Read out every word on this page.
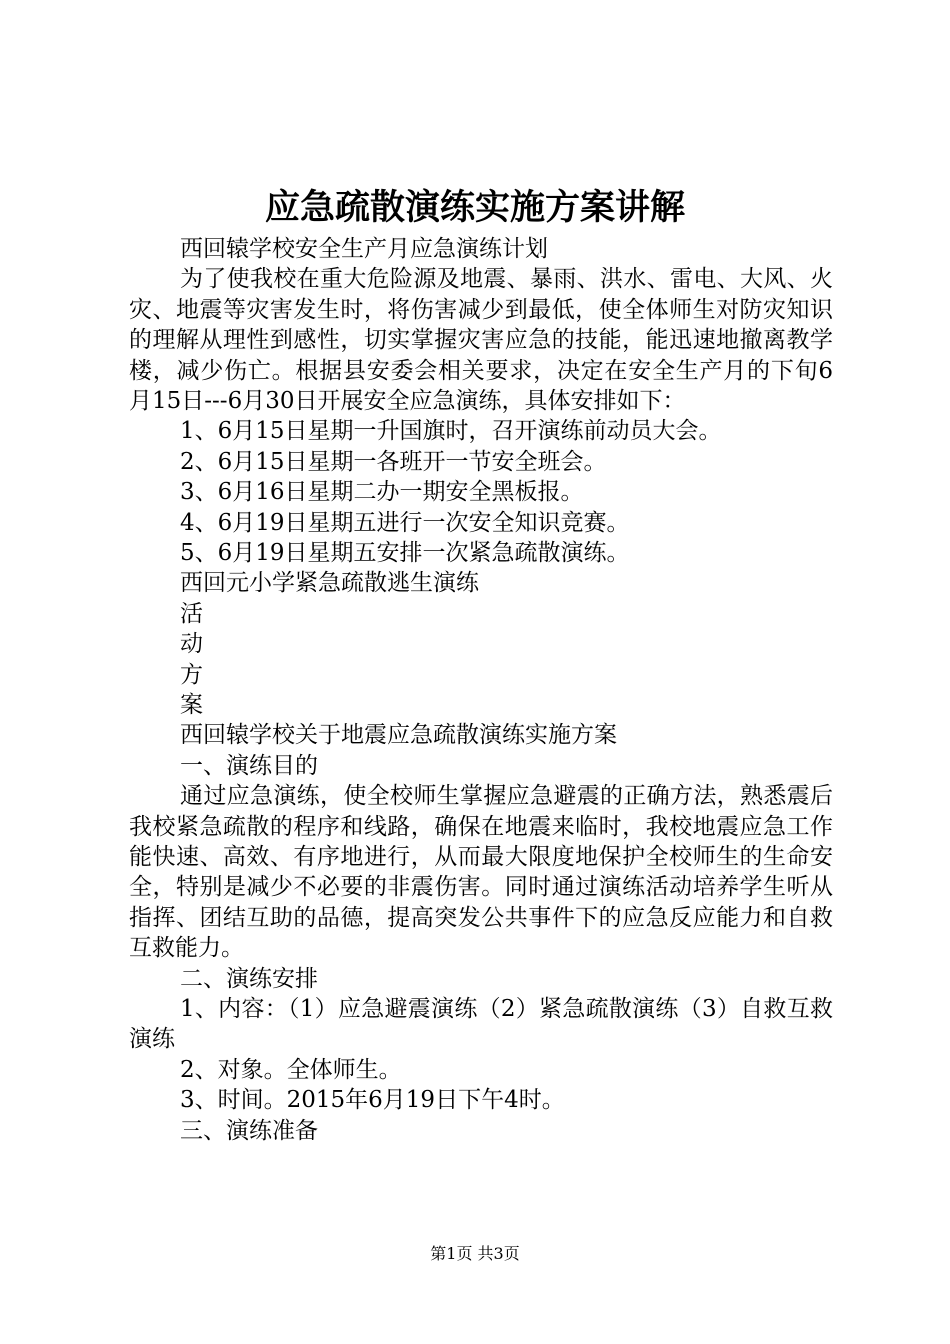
应急疏散演练实施方案讲解
西回辕学校安全生产月应急演练计划
为了使我校在重大危险源及地震、暴雨、洪水、雷电、大风、火灾、地震等灾害发生时，将伤害减少到最低，使全体师生对防灾知识的理解从理性到感性，切实掌握灾害应急的技能，能迅速地撤离教学楼，减少伤亡。根据县安委会相关要求，决定在安全生产月的下旬6月15日---6月30日开展安全应急演练，具体安排如下：
1、6月15日星期一升国旗时，召开演练前动员大会。
2、6月15日星期一各班开一节安全班会。
3、6月16日星期二办一期安全黑板报。
4、6月19日星期五进行一次安全知识竞赛。
5、6月19日星期五安排一次紧急疏散演练。
西回元小学紧急疏散逃生演练
活
动
方
案
西回辕学校关于地震应急疏散演练实施方案
一、演练目的
通过应急演练，使全校师生掌握应急避震的正确方法，熟悉震后我校紧急疏散的程序和线路，确保在地震来临时，我校地震应急工作能快速、高效、有序地进行，从而最大限度地保护全校师生的生命安全，特别是减少不必要的非震伤害。同时通过演练活动培养学生听从指挥、团结互助的品德，提高突发公共事件下的应急反应能力和自救互救能力。
二、演练安排
1、内容：（1）应急避震演练（2）紧急疏散演练（3）自救互救演练
2、对象。全体师生。
3、时间。2015年6月19日下午4时。
三、演练准备
第1页 共3页
